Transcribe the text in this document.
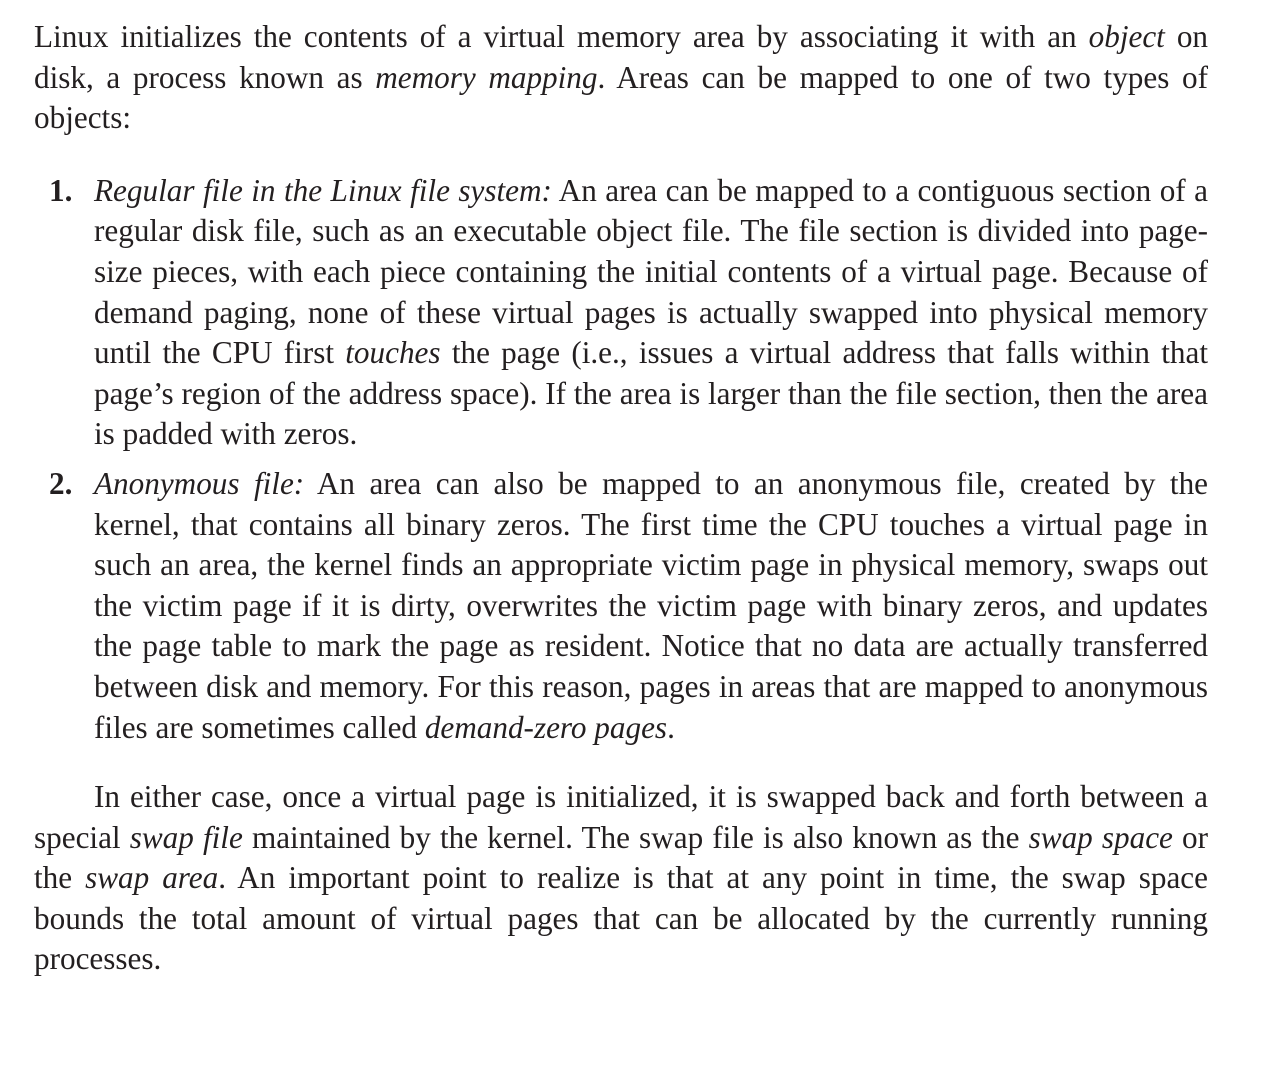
Linux initializes the contents of a virtual memory area by associating it with an object on disk, a process known as memory mapping. Areas can be mapped to one of two types of objects:

1. Regular file in the Linux file system: An area can be mapped to a contiguous section of a regular disk file, such as an executable object file. The file section is divided into page-size pieces, with each piece containing the initial contents of a virtual page. Because of demand paging, none of these virtual pages is actually swapped into physical memory until the CPU first touches the page (i.e., issues a virtual address that falls within that page’s region of the address space). If the area is larger than the file section, then the area is padded with zeros.

2. Anonymous file: An area can also be mapped to an anonymous file, created by the kernel, that contains all binary zeros. The first time the CPU touches a virtual page in such an area, the kernel finds an appropriate victim page in physical memory, swaps out the victim page if it is dirty, overwrites the victim page with binary zeros, and updates the page table to mark the page as resident. Notice that no data are actually transferred between disk and memory. For this reason, pages in areas that are mapped to anonymous files are sometimes called demand-zero pages.

In either case, once a virtual page is initialized, it is swapped back and forth between a special swap file maintained by the kernel. The swap file is also known as the swap space or the swap area. An important point to realize is that at any point in time, the swap space bounds the total amount of virtual pages that can be allocated by the currently running processes.
